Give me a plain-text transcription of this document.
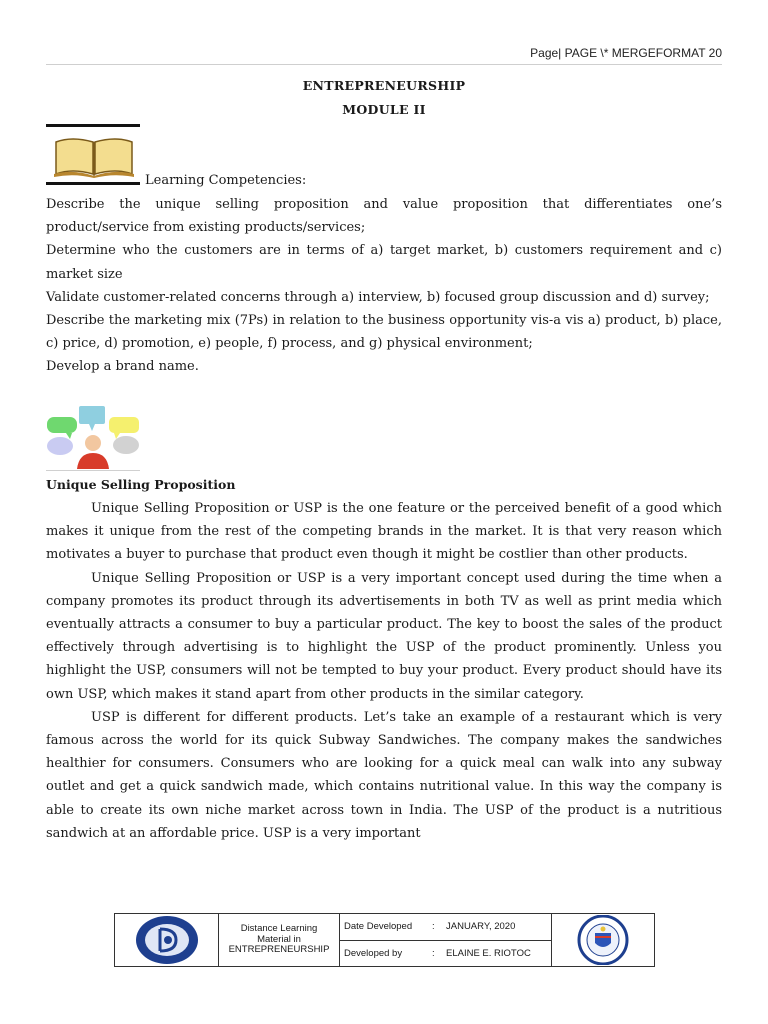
Page| PAGE \* MERGEFORMAT 20
ENTREPRENEURSHIP
MODULE II
Learning Competencies:

Describe the unique selling proposition and value proposition that differentiates one’s product/service from existing products/services;

Determine who the customers are in terms of a) target market, b) customers requirement and c) market size

Validate customer-related concerns through a) interview, b) focused group discussion and d) survey;

Describe the marketing mix (7Ps) in relation to the business opportunity vis-a vis a) product, b) place, c) price, d) promotion, e) people, f) process, and g) physical environment;

Develop a brand name.

Unique Selling Proposition

Unique Selling Proposition or USP is the one feature or the perceived benefit of a good which makes it unique from the rest of the competing brands in the market. It is that very reason which motivates a buyer to purchase that product even though it might be costlier than other products.

Unique Selling Proposition or USP is a very important concept used during the time when a company promotes its product through its advertisements in both TV as well as print media which eventually attracts a consumer to buy a particular product. The key to boost the sales of the product effectively through advertising is to highlight the USP of the product prominently. Unless you highlight the USP, consumers will not be tempted to buy your product. Every product should have its own USP, which makes it stand apart from other products in the similar category.

USP is different for different products. Let’s take an example of a restaurant which is very famous across the world for its quick Subway Sandwiches. The company makes the sandwiches healthier for consumers. Consumers who are looking for a quick meal can walk into any subway outlet and get a quick sandwich made, which contains nutritional value. In this way the company is able to create its own niche market across town in India. The USP of the product is a nutritious sandwich at an affordable price. USP is a very important

Distance Learning Material in ENTREPRENEURSHIP
Date Developed	:	JANUARY, 2020
Developed by	:	ELAINE E. RIOTOC
